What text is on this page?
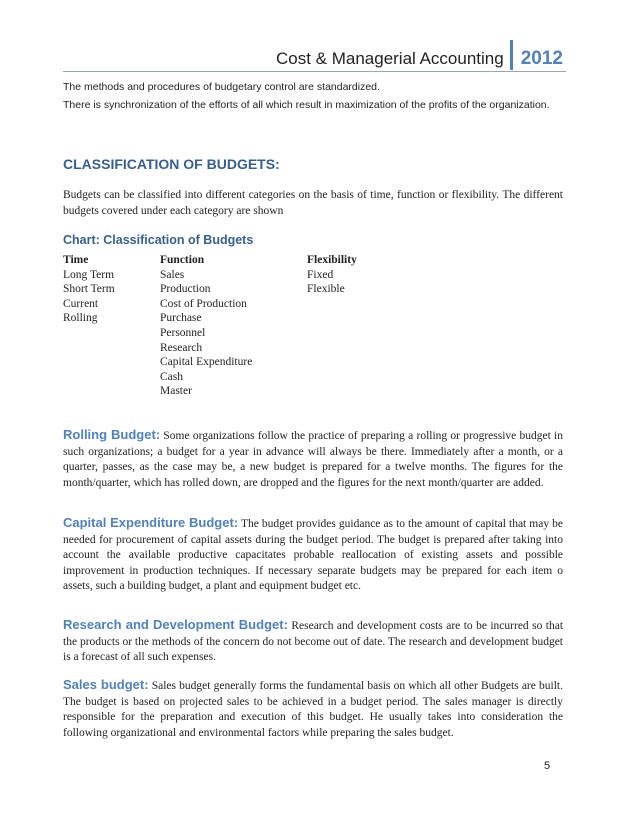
Cost & Managerial Accounting 2012

The methods and procedures of budgetary control are standardized.

There is synchronization of the efforts of all which result in maximization of the profits of the organization.

CLASSIFICATION OF BUDGETS:

Budgets can be classified into different categories on the basis of time, function or flexibility. The different budgets covered under each category are shown

Chart: Classification of Budgets
Time
Long Term
Short Term
Current
Rolling
Function
Sales
Production
Cost of Production
Purchase
Personnel
Research
Capital Expenditure
Cash
Master
Flexibility
Fixed
Flexible

Rolling Budget: Some organizations follow the practice of preparing a rolling or progressive budget in such organizations; a budget for a year in advance will always be there. Immediately after a month, or a quarter, passes, as the case may be, a new budget is prepared for a twelve months. The figures for the month/quarter, which has rolled down, are dropped and the figures for the next month/quarter are added.

Capital Expenditure Budget: The budget provides guidance as to the amount of capital that may be needed for procurement of capital assets during the budget period. The budget is prepared after taking into account the available productive capacitates probable reallocation of existing assets and possible improvement in production techniques. If necessary separate budgets may be prepared for each item o assets, such a building budget, a plant and equipment budget etc.

Research and Development Budget: Research and development costs are to be incurred so that the products or the methods of the concern do not become out of date. The research and development budget is a forecast of all such expenses.

Sales budget: Sales budget generally forms the fundamental basis on which all other Budgets are built. The budget is based on projected sales to be achieved in a budget period. The sales manager is directly responsible for the preparation and execution of this budget. He usually takes into consideration the following organizational and environmental factors while preparing the sales budget.

5
